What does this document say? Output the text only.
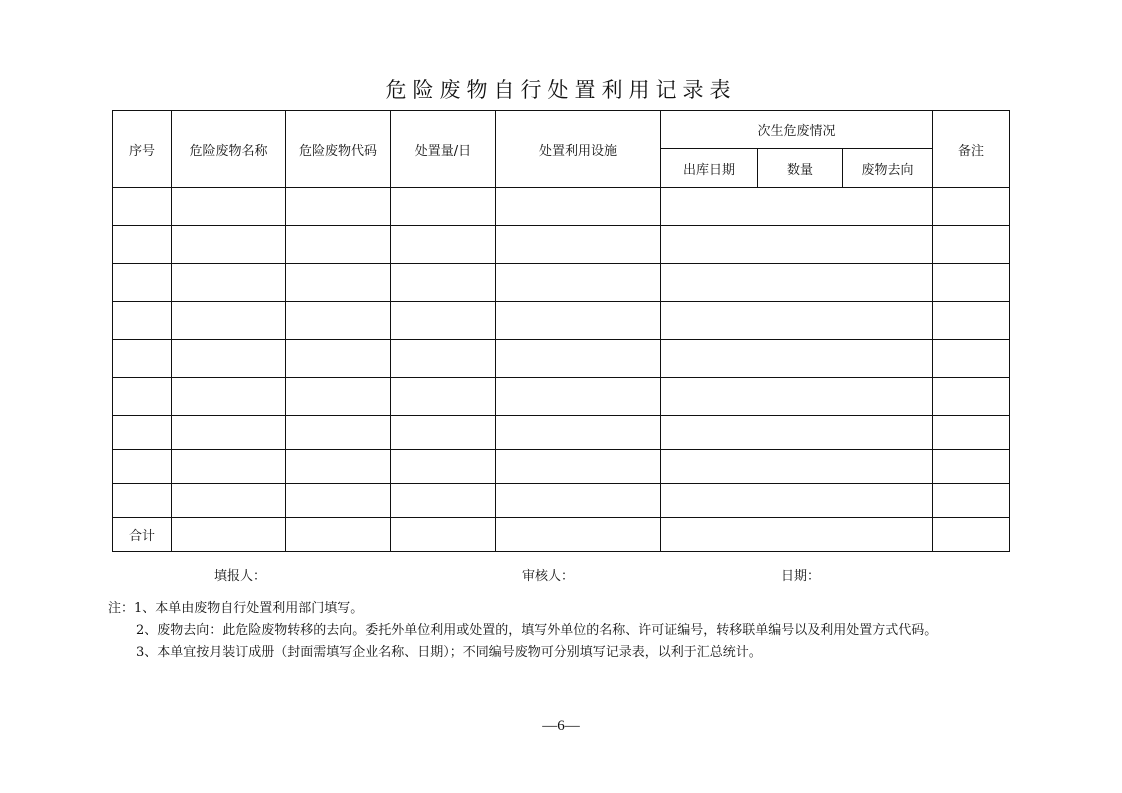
危险废物自行处置利用记录表
序号	危险废物名称	危险废物代码	处置量/日	处置利用设施	次生危废情况			备注
					出库日期	数量	废物去向	

合计								
填报人：	审核人：	日期：
注：1、本单由废物自行处置利用部门填写。
2、废物去向：此危险废物转移的去向。委托外单位利用或处置的，填写外单位的名称、许可证编号，转移联单编号以及利用处置方式代码。
3、本单宜按月装订成册（封面需填写企业名称、日期）；不同编号废物可分别填写记录表，以利于汇总统计。
—6—
